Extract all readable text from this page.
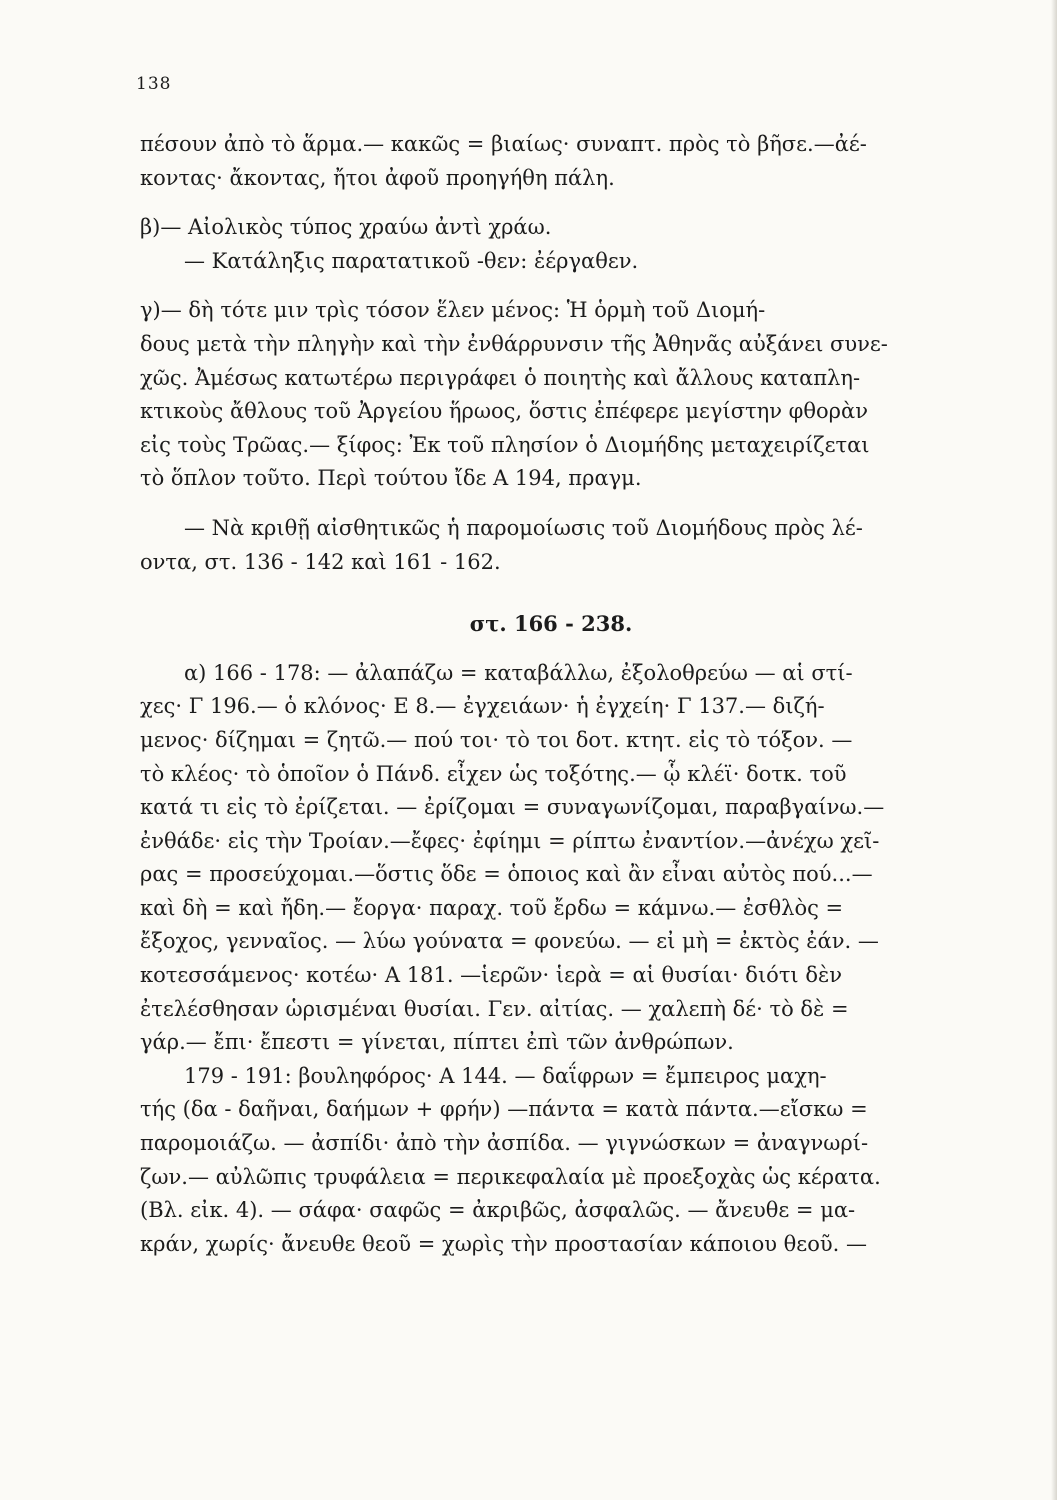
138
πέσουν ἀπὸ τὸ ἅρμα.— κακῶς = βιαίως· συναπτ. πρὸς τὸ βῆσε.—ἀέ-
κοντας· ἄκοντας, ἤτοι ἀφοῦ προηγήθη πάλη.
β)— Αἰολικὸς τύπος χραύω ἀντὶ χράω.
— Κατάληξις παρατατικοῦ -θεν: ἐέργαθεν.
γ)— δὴ τότε μιν τρὶς τόσον ἕλεν μένος: Ἡ ὁρμὴ τοῦ Διομή-
δους μετὰ τὴν πληγὴν καὶ τὴν ἐνθάρρυνσιν τῆς Ἀθηνᾶς αὐξάνει συνε-
χῶς. Ἀμέσως κατωτέρω περιγράφει ὁ ποιητὴς καὶ ἄλλους καταπλη-
κτικοὺς ἄθλους τοῦ Ἀργείου ἥρωος, ὅστις ἐπέφερε μεγίστην φθορὰν
εἰς τοὺς Τρῶας.— ξίφος: Ἐκ τοῦ πλησίον ὁ Διομήδης μεταχειρίζεται
τὸ ὅπλον τοῦτο. Περὶ τούτου ἴδε Α 194, πραγμ.
— Νὰ κριθῇ αἰσθητικῶς ἡ παρομοίωσις τοῦ Διομήδους πρὸς λέ-
οντα, στ. 136 - 142 καὶ 161 - 162.
στ. 166 - 238.
α) 166 - 178: — ἀλαπάζω = καταβάλλω, ἐξολοθρεύω — αἱ στί-
χες· Γ 196.— ὁ κλόνος· Ε 8.— ἐγχειάων· ἡ ἐγχείη· Γ 137.— διζή-
μενος· δίζημαι = ζητῶ.— πού τοι· τὸ τοι δοτ. κτητ. εἰς τὸ τόξον. —
τὸ κλέος· τὸ ὁποῖον ὁ Πάνδ. εἶχεν ὡς τοξότης.— ᾧ κλέϊ· δοτκ. τοῦ
κατά τι εἰς τὸ ἐρίζεται. — ἐρίζομαι = συναγωνίζομαι, παραβγαίνω.—
ἐνθάδε· εἰς τὴν Τροίαν.—ἔφες· ἐφίημι = ρίπτω ἐναντίον.—ἀνέχω χεῖ-
ρας = προσεύχομαι.—ὅστις ὅδε = ὁποιος καὶ ἂν εἶναι αὐτὸς πού...—
καὶ δὴ = καὶ ἤδη.— ἔοργα· παραχ. τοῦ ἔρδω = κάμνω.— ἐσθλὸς =
ἔξοχος, γενναῖος. — λύω γούνατα = φονεύω. — εἰ μὴ = ἐκτὸς ἐάν. —
κοτεσσάμενος· κοτέω· Α 181. —ἱερῶν· ἱερὰ = αἱ θυσίαι· διότι δὲν
ἐτελέσθησαν ὡρισμέναι θυσίαι. Γεν. αἰτίας. — χαλεπὴ δέ· τὸ δὲ =
γάρ.— ἔπι· ἔπεστι = γίνεται, πίπτει ἐπὶ τῶν ἀνθρώπων.
179 - 191: βουληφόρος· Α 144. — δαΐφρων = ἔμπειρος μαχη-
τής (δα - δαῆναι, δαήμων + φρήν) —πάντα = κατὰ πάντα.—εἴσκω =
παρομοιάζω. — ἀσπίδι· ἀπὸ τὴν ἀσπίδα. — γιγνώσκων = ἀναγνωρί-
ζων.— αὐλῶπις τρυφάλεια = περικεφαλαία μὲ προεξοχὰς ὡς κέρατα.
(Βλ. εἰκ. 4). — σάφα· σαφῶς = ἀκριβῶς, ἀσφαλῶς. — ἄνευθε = μα-
κράν, χωρίς· ἄνευθε θεοῦ = χωρὶς τὴν προστασίαν κάποιου θεοῦ. —
